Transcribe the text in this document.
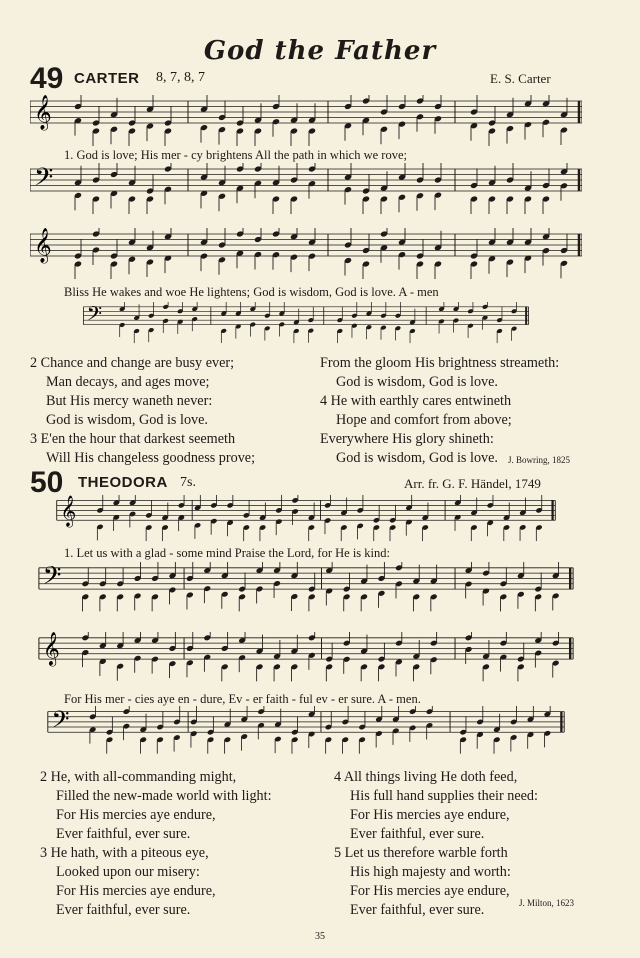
God the Father
49 CARTER 8, 7, 8, 7	E. S. Carter
𝄞
1. God is love; His mer - cy brightens All the path in which we rove;
𝄢
𝄞
Bliss He wakes and woe He lightens; God is wisdom, God is love. A - men
𝄢
2 Chance and change are busy ever;
Man decays, and ages move;
But His mercy waneth never:
God is wisdom, God is love.
3 E'en the hour that darkest seemeth
Will His changeless goodness prove;
From the gloom His brightness streameth:
God is wisdom, God is love.
4 He with earthly cares entwineth
Hope and comfort from above;
Everywhere His glory shineth:
God is wisdom, God is love.	J. Bowring, 1825
50 THEODORA 7s.	Arr. fr. G. F. Händel, 1749
𝄞
1. Let us with a glad - some mind Praise the Lord, for He is kind:
𝄢
𝄞
For His mer - cies aye en - dure, Ev - er faith - ful ev - er sure. A - men.
𝄢
2 He, with all-commanding might,
Filled the new-made world with light:
For His mercies aye endure,
Ever faithful, ever sure.
3 He hath, with a piteous eye,
Looked upon our misery:
For His mercies aye endure,
Ever faithful, ever sure.
4 All things living He doth feed,
His full hand supplies their need:
For His mercies aye endure,
Ever faithful, ever sure.
5 Let us therefore warble forth
His high majesty and worth:
For His mercies aye endure,
Ever faithful, ever sure.	J. Milton, 1623
35
